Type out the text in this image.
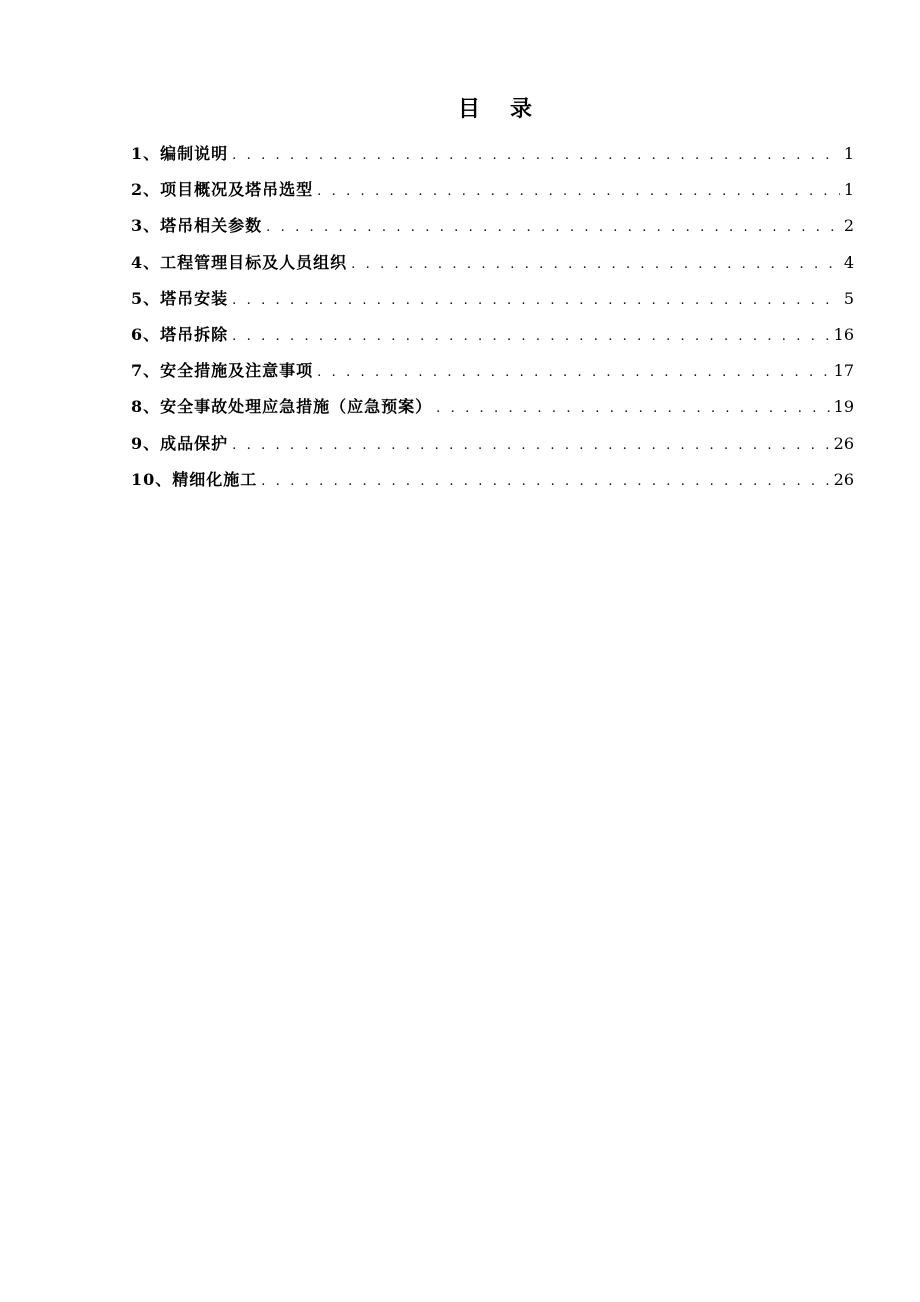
目 录
1、编制说明 . . .	1
2、项目概况及塔吊选型 . . .	1
3、塔吊相关参数 . . .	2
4、工程管理目标及人员组织 . . .	4
5、塔吊安装 . . .	5
6、塔吊拆除 . . .	16
7、安全措施及注意事项 . . .	17
8、安全事故处理应急措施（应急预案） . . .	19
9、成品保护 . . .	26
10、精细化施工 . . .	26
